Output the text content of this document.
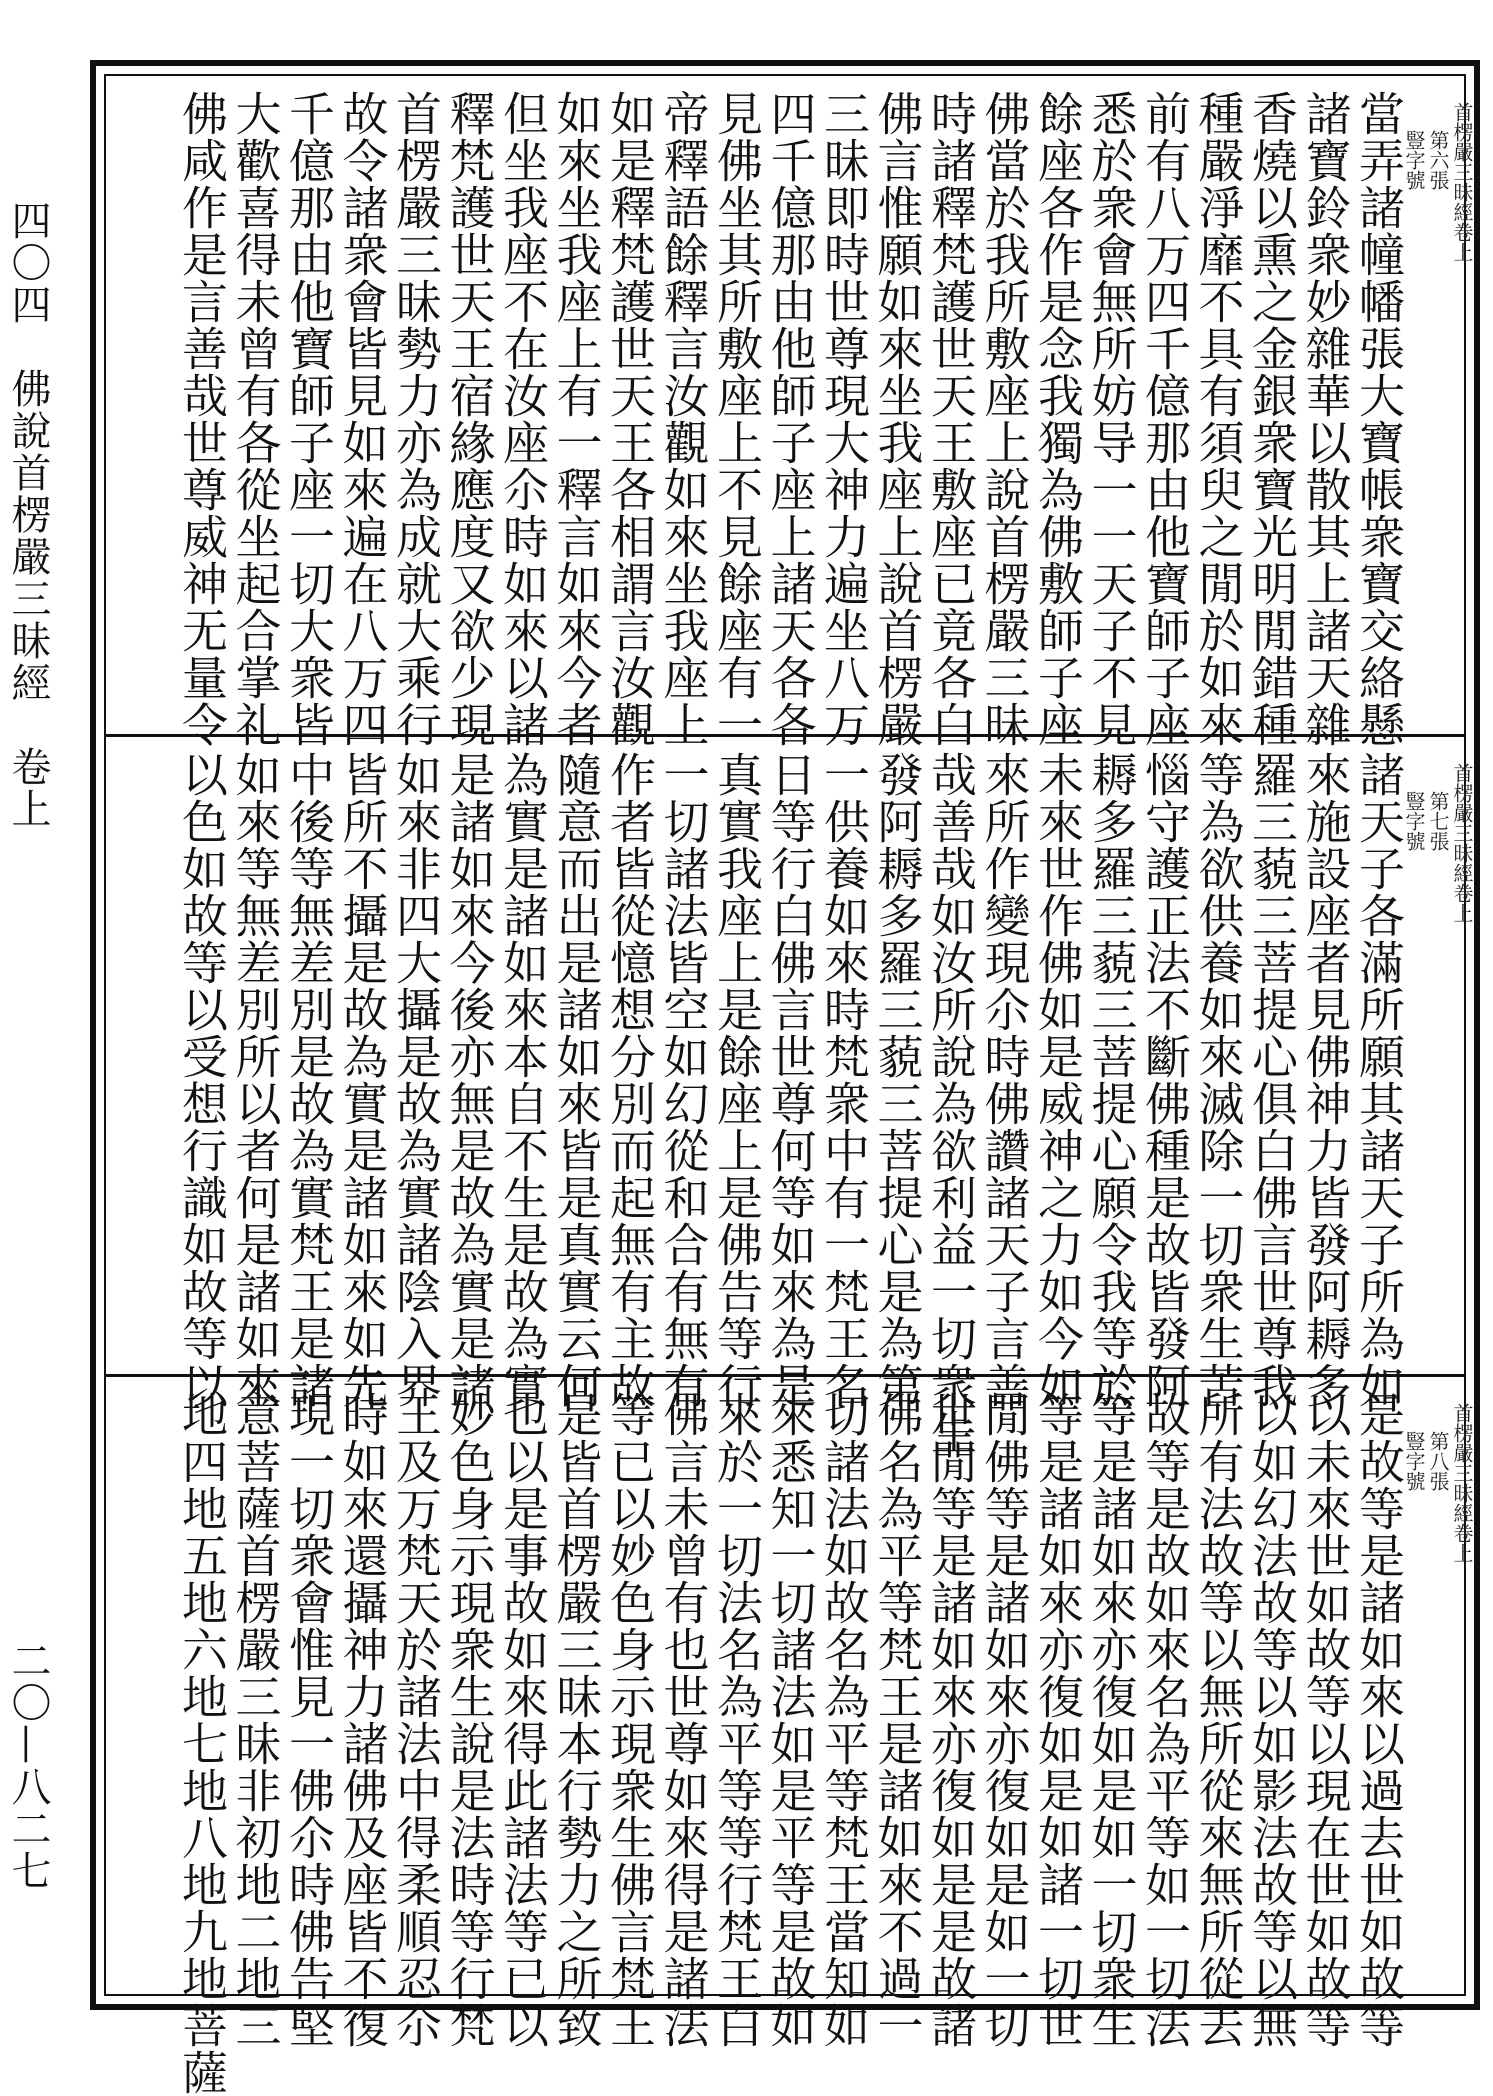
四〇四　佛說首楞嚴三昧經　卷上
二〇—八二七
首楞嚴三昧經卷上
第六張
豎字號
當弄諸幢幡張大寶帳衆寶交絡懸
諸寶鈴衆妙雜華以散其上諸天雜
香燒以熏之金銀衆寶光明閒錯種
種嚴淨靡不具有須臾之閒於如來
前有八万四千億那由他寶師子座
悉於衆會無所妨导一一天子不見
餘座各作是念我獨為佛敷師子座
佛當於我所敷座上說首楞嚴三昧
時諸釋梵護世天王敷座已竟各白
佛言惟願如來坐我座上說首楞嚴
三昧即時世尊現大神力遍坐八万
四千億那由他師子座上諸天各各
見佛坐其所敷座上不見餘座有一
帝釋語餘釋言汝觀如來坐我座上
如是釋梵護世天王各相謂言汝觀
如來坐我座上有一釋言如來今者
但坐我座不在汝座尒時如來以諸
釋梵護世天王宿緣應度又欲少現
首楞嚴三昧勢力亦為成就大乘行
故令諸衆會皆見如來遍在八万四
千億那由他寶師子座一切大衆皆
大歡喜得未曾有各從坐起合掌礼
佛咸作是言善哉世尊威神无量令
首楞嚴三昧經卷上
第七張
豎字號
諸天子各滿所願其諸天子所為如
來施設座者見佛神力皆發阿耨多
羅三藐三菩提心俱白佛言世尊我
等為欲供養如來滅除一切衆生苦
惱守護正法不斷佛種是故皆發阿
耨多羅三藐三菩提心願令我等於
未來世作佛如是威神之力如今如
來所作變現尒時佛讚諸天子言善
哉善哉如汝所說為欲利益一切衆生
發阿耨多羅三藐三菩提心是為第
一供養如來時梵衆中有一梵王名
日等行白佛言世尊何等如來為是
真實我座上是餘座上是佛告等行
一切諸法皆空如幻從和合有無有
作者皆從憶想分別而起無有主故
隨意而出是諸如來皆是真實云何
為實是諸如來本自不生是故為實
是諸如來今後亦無是故為實是諸
如來非四大攝是故為實諸陰入界
皆所不攝是故為實是諸如來如先
中後等無差別是故為實梵王是諸
如來等無差別所以者何是諸如來
以色如故等以受想行識如故等以
首楞嚴三昧經卷上
第八張
豎字號
是故等是諸如來以過去世如故等
以未來世如故等以現在世如故等
以如幻法故等以如影法故等以無
所有法故等以無所從來無所從去
故等是故如來名為平等如一切法
等是諸如來亦復如是如一切衆生
等是諸如來亦復如是如諸一切世
閒佛等是諸如來亦復如是如一切
世閒等是諸如來亦復如是是故諸
佛名為平等梵王是諸如來不過一
切諸法如故名為平等梵王當知如
來悉知一切諸法如是平等是故如
來於一切法名為平等等行梵王白
佛言未曾有也世尊如來得是諸法
等已以妙色身示現衆生佛言梵王
是皆首楞嚴三昧本行勢力之所致
也以是事故如來得此諸法等已以
妙色身示現衆生說是法時等行梵
王及万梵天於諸法中得柔順忍尒
時如來還攝神力諸佛及座皆不復
現一切衆會惟見一佛尒時佛告堅
意菩薩首楞嚴三昧非初地二地三
地四地五地六地七地八地九地菩薩
